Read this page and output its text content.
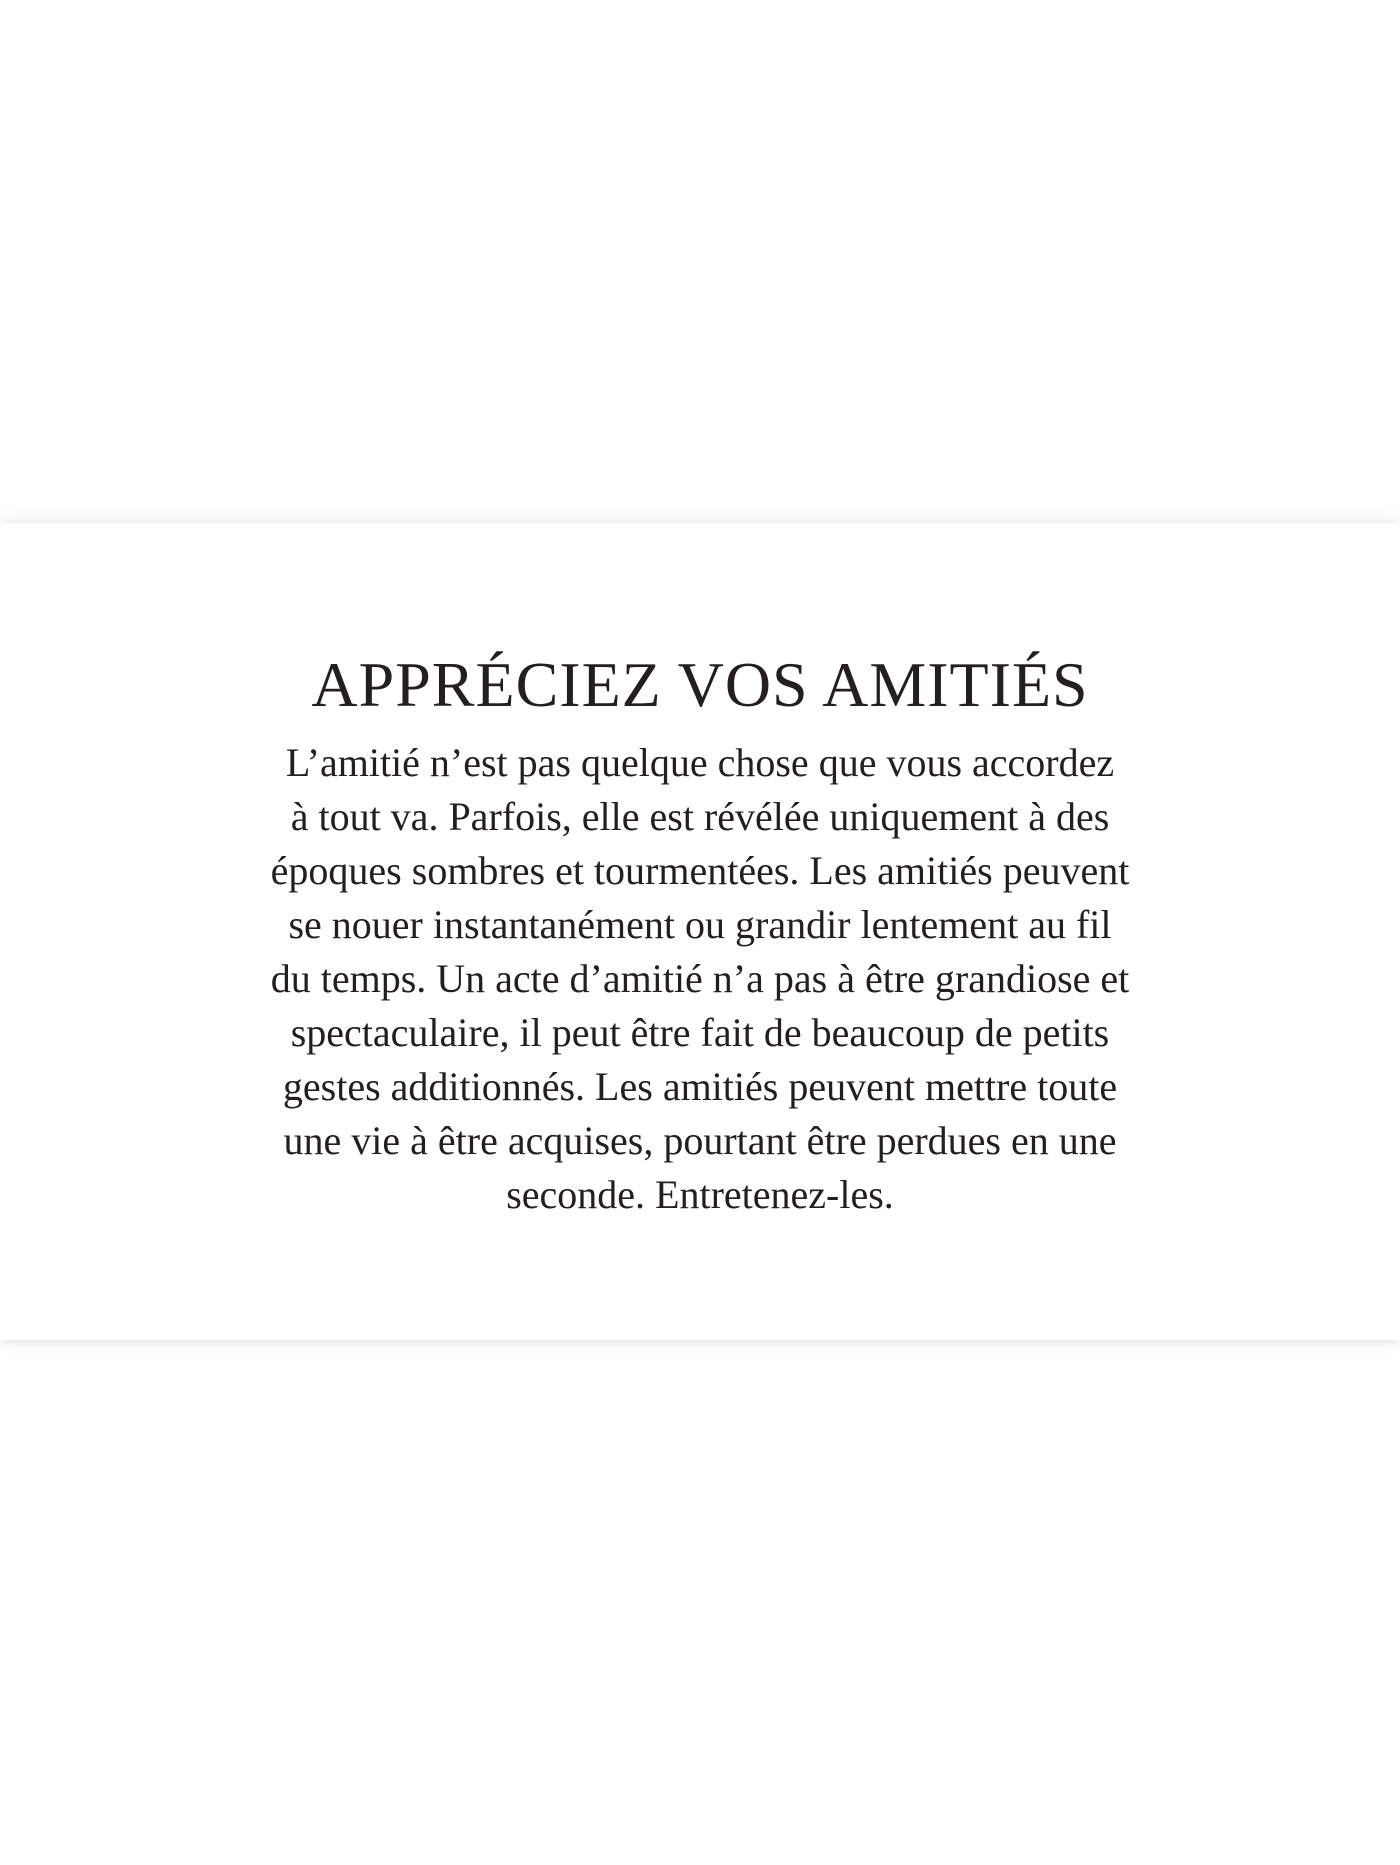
APPRÉCIEZ VOS AMITIÉS
L’amitié n’est pas quelque chose que vous accordez
à tout va. Parfois, elle est révélée uniquement à des
époques sombres et tourmentées. Les amitiés peuvent
se nouer instantanément ou grandir lentement au fil
du temps. Un acte d’amitié n’a pas à être grandiose et
spectaculaire, il peut être fait de beaucoup de petits
gestes additionnés. Les amitiés peuvent mettre toute
une vie à être acquises, pourtant être perdues en une
seconde. Entretenez-les.
